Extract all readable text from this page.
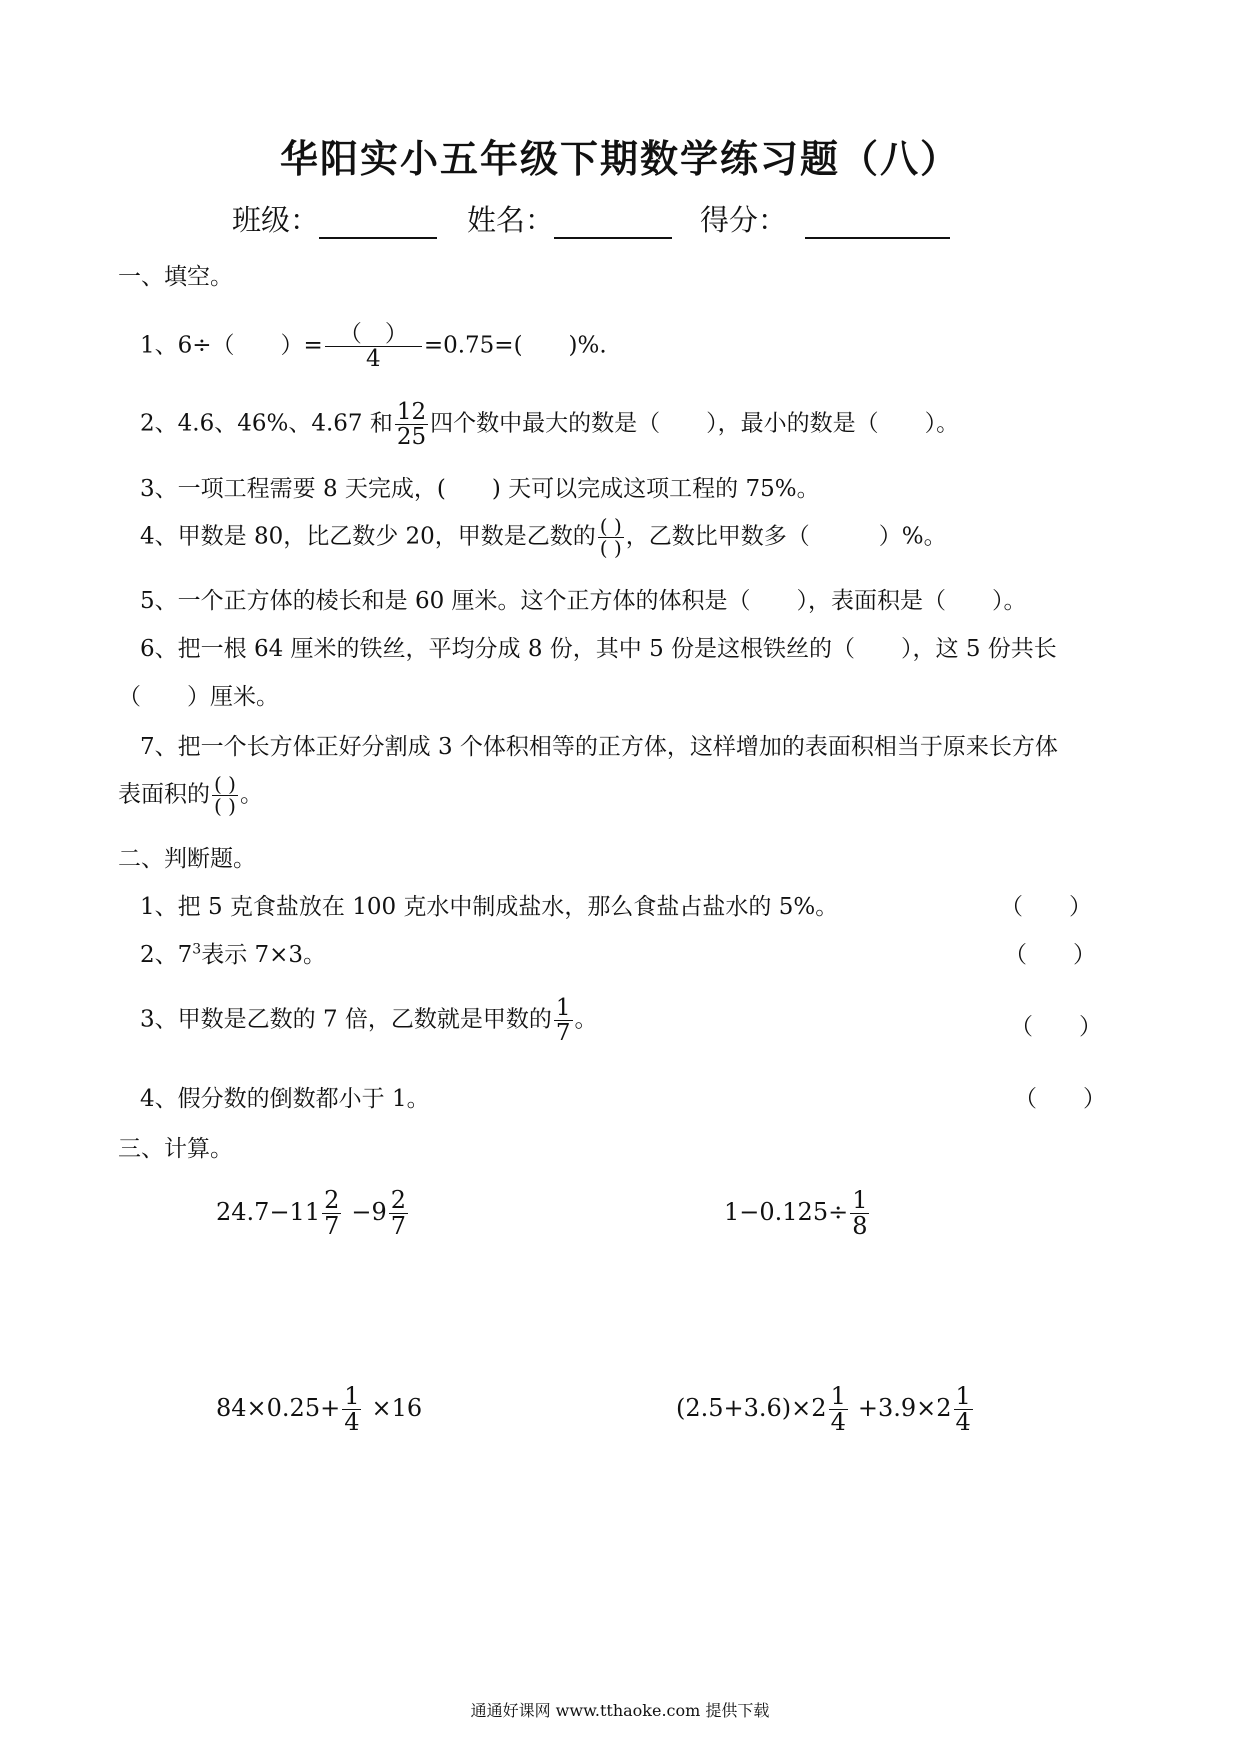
华阳实小五年级下期数学练习题（八）
班级：	姓名：	得分：
一、填空。
1、6÷（　　）= $\frac{( )}{4} =0.75=$(　　)%.
2、4.6、46%、4.67 和 $\frac{12}{25}$ 四个数中最大的数是（　　），最小的数是（　　）。
3、一项工程需要 8 天完成，(　　) 天可以完成这项工程的 75%。
4、甲数是 80，比乙数少 20，甲数是乙数的 $\frac{( )}{( )}$ ，乙数比甲数多（　　　）%。
5、一个正方体的棱长和是 60 厘米。这个正方体的体积是（　　），表面积是（　　）。
6、把一根 64 厘米的铁丝，平均分成 8 份，其中 5 份是这根铁丝的（　　），这 5 份共长
（　　）厘米。
7、把一个长方体正好分割成 3 个体积相等的正方体，这样增加的表面积相当于原来长方体
表面积的 $\frac{( )}{( )}$ 。
二、判断题。
1、把 5 克食盐放在 100 克水中制成盐水，那么食盐占盐水的 5%。	（　　）
2、$7^3$表示 7×3。	（　　）
3、甲数是乙数的 7 倍，乙数就是甲数的 $\frac{1}{7}$ 。	（　　）
4、假分数的倒数都小于 1。	（　　）
三、计算。
$24.7-11 \frac{2}{7} -9 \frac{2}{7}$	$1-0.125\div \frac{1}{8}$
$84\times 0.25+ \frac{1}{4} \times 16$	$(2.5+3.6)\times 2 \frac{1}{4} +3.9\times 2 \frac{1}{4}$
通通好课网 www.tthaoke.com 提供下载
